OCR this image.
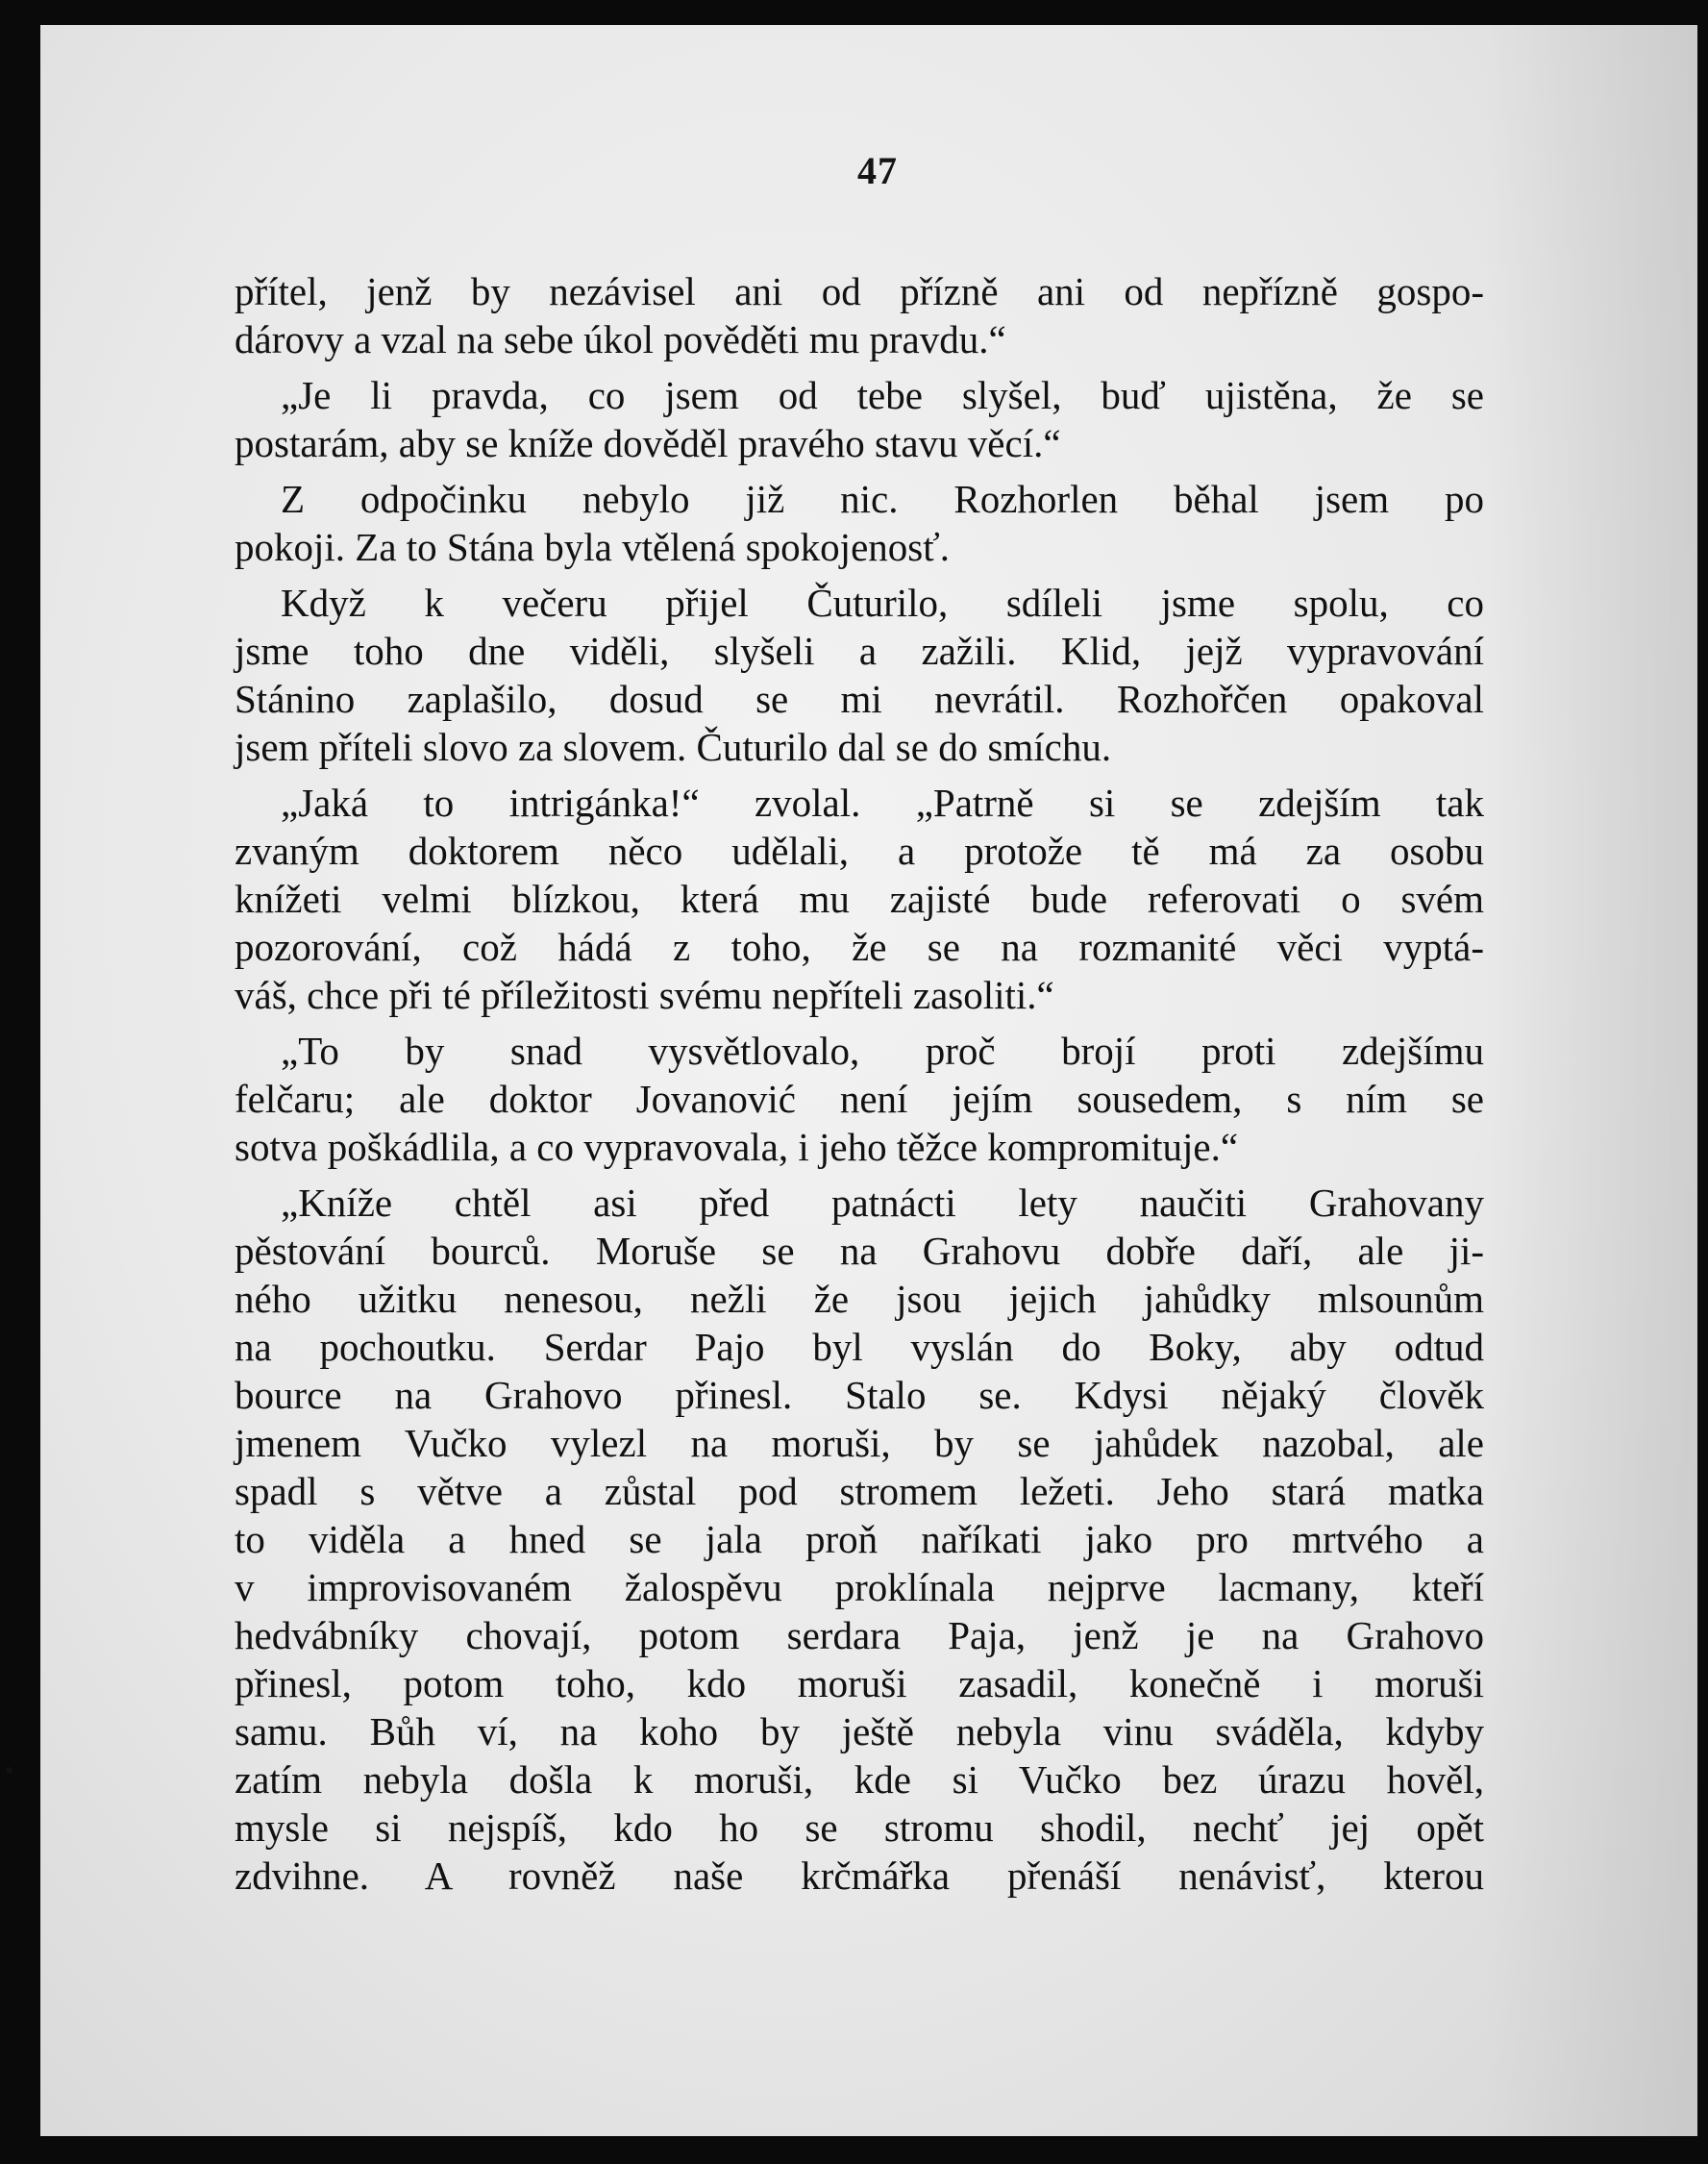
47
přítel, jenž by nezávisel ani od přízně ani od nepřízně gospo-
dárovy a vzal na sebe úkol pověděti mu pravdu.“
„Je li pravda, co jsem od tebe slyšel, buď ujistěna, že se
postarám, aby se kníže dověděl pravého stavu věcí.“
Z odpočinku nebylo již nic. Rozhorlen běhal jsem po
pokoji. Za to Stána byla vtělená spokojenosť.
Když k večeru přijel Čuturilo, sdíleli jsme spolu, co
jsme toho dne viděli, slyšeli a zažili. Klid, jejž vypravování
Stánino zaplašilo, dosud se mi nevrátil. Rozhořčen opakoval
jsem příteli slovo za slovem. Čuturilo dal se do smíchu.
„Jaká to intrigánka!“ zvolal. „Patrně si se zdejším tak
zvaným doktorem něco udělali, a protože tě má za osobu
knížeti velmi blízkou, která mu zajisté bude referovati o svém
pozorování, což hádá z toho, že se na rozmanité věci vyptá-
váš, chce při té příležitosti svému nepříteli zasoliti.“
„To by snad vysvětlovalo, proč brojí proti zdejšímu
felčaru; ale doktor Jovanović není jejím sousedem, s ním se
sotva poškádlila, a co vypravovala, i jeho těžce kompromituje.“
„Kníže chtěl asi před patnácti lety naučiti Grahovany
pěstování bourců. Moruše se na Grahovu dobře daří, ale ji-
ného užitku nenesou, nežli že jsou jejich jahůdky mlsounům
na pochoutku. Serdar Pajo byl vyslán do Boky, aby odtud
bource na Grahovo přinesl. Stalo se. Kdysi nějaký člověk
jmenem Vučko vylezl na moruši, by se jahůdek nazobal, ale
spadl s větve a zůstal pod stromem ležeti. Jeho stará matka
to viděla a hned se jala proň naříkati jako pro mrtvého a
v improvisovaném žalospěvu proklínala nejprve lacmany, kteří
hedvábníky chovají, potom serdara Paja, jenž je na Grahovo
přinesl, potom toho, kdo moruši zasadil, konečně i moruši
samu. Bůh ví, na koho by ještě nebyla vinu sváděla, kdyby
zatím nebyla došla k moruši, kde si Vučko bez úrazu hověl,
mysle si nejspíš, kdo ho se stromu shodil, nechť jej opět
zdvihne. A rovněž naše krčmářka přenáší nenávisť, kterou
